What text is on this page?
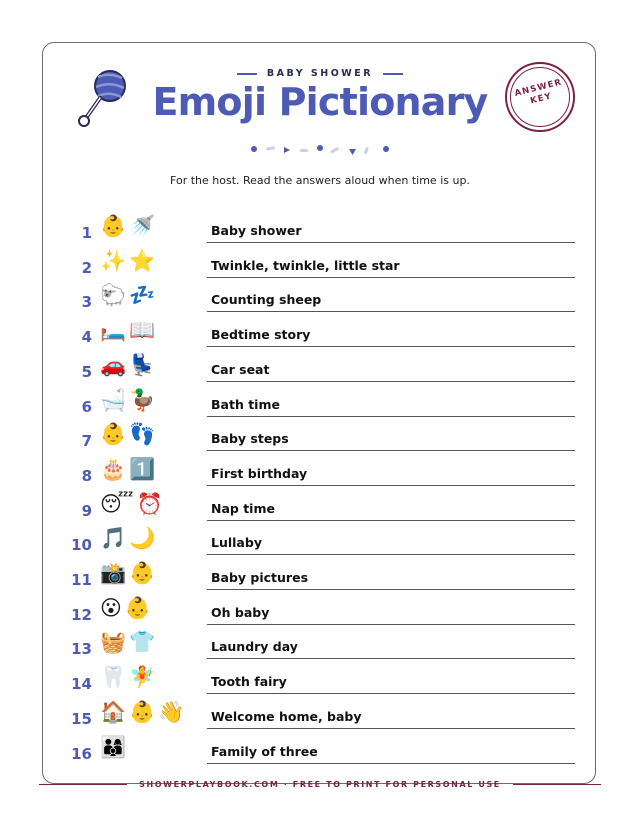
ANSWER
KEY
BABY SHOWER
Emoji Pictionary
For the host. Read the answers aloud when time is up.
1 👶🚿	Baby shower
2 ✨⭐	Twinkle, twinkle, little star
3 🐑💤	Counting sheep
4 🛏️📖	Bedtime story
5 🚗💺	Car seat
6 🛁🦆	Bath time
7 👶👣	Baby steps
8 🎂1️⃣	First birthday
9 😴⏰	Nap time
10 🎵🌙	Lullaby
11 📸👶	Baby pictures
12 😮👶	Oh baby
13 🧺👕	Laundry day
14 🦷🧚	Tooth fairy
15 🏠👶👋 Welcome home, baby
16 👨‍👩‍👦	Family of three
SHOWERPLAYBOOK.COM · FREE TO PRINT FOR PERSONAL USE
